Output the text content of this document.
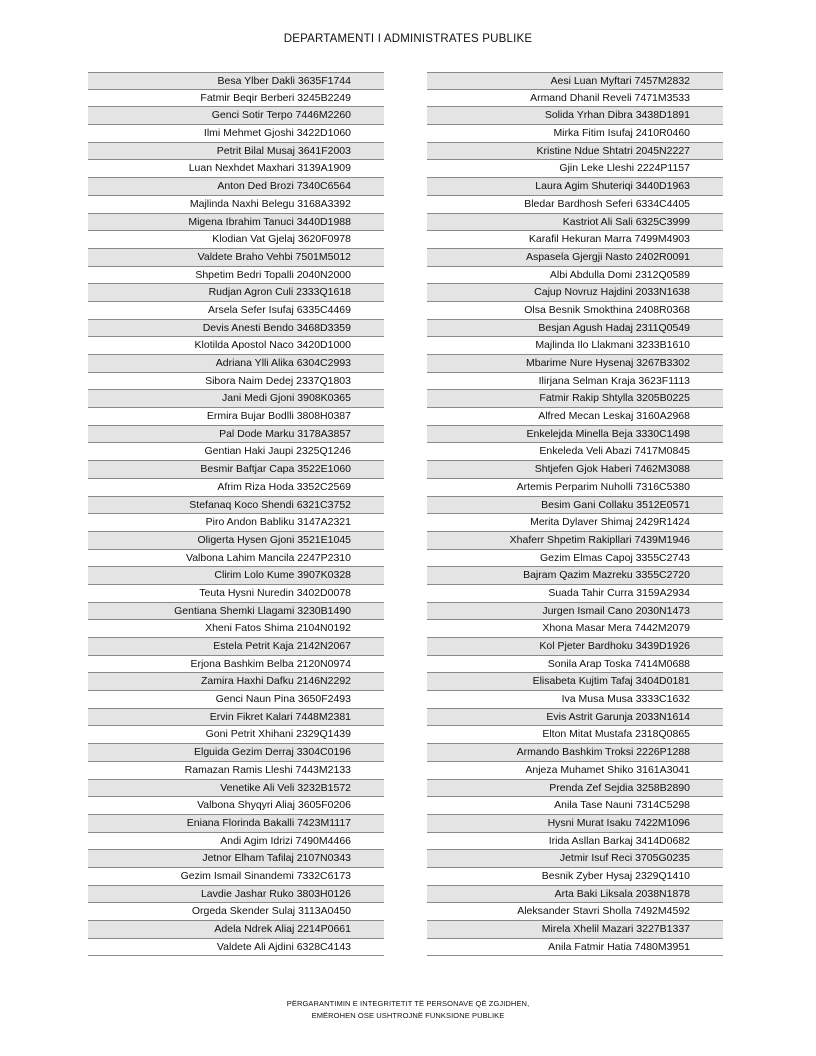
DEPARTAMENTI I ADMINISTRATES PUBLIKE
Besa Ylber Dakli 3635F1744
Fatmir Beqir Berberi 3245B2249
Genci Sotir Terpo 7446M2260
Ilmi Mehmet Gjoshi 3422D1060
Petrit Bilal Musaj 3641F2003
Luan Nexhdet Maxhari 3139A1909
Anton Ded Brozi 7340C6564
Majlinda Naxhi Belegu 3168A3392
Migena Ibrahim Tanuci 3440D1988
Klodian Vat Gjelaj 3620F0978
Valdete Braho Vehbi 7501M5012
Shpetim Bedri Topalli 2040N2000
Rudjan Agron Culi 2333Q1618
Arsela Sefer Isufaj 6335C4469
Devis Anesti Bendo 3468D3359
Klotilda Apostol Naco 3420D1000
Adriana Ylli Alika 6304C2993
Sibora Naim Dedej 2337Q1803
Jani Medi Gjoni 3908K0365
Ermira Bujar Bodlli 3808H0387
Pal Dode Marku 3178A3857
Gentian Haki Jaupi 2325Q1246
Besmir Baftjar Capa 3522E1060
Afrim Riza Hoda 3352C2569
Stefanaq Koco Shendi 6321C3752
Piro Andon Babliku 3147A2321
Oligerta Hysen Gjoni 3521E1045
Valbona Lahim Mancila 2247P2310
Clirim Lolo Kume 3907K0328
Teuta Hysni Nuredin 3402D0078
Gentiana Shemki Llagami 3230B1490
Xheni Fatos Shima 2104N0192
Estela Petrit Kaja 2142N2067
Erjona Bashkim Belba 2120N0974
Zamira Haxhi Dafku 2146N2292
Genci Naun Pina 3650F2493
Ervin Fikret Kalari 7448M2381
Goni Petrit Xhihani 2329Q1439
Elguida Gezim Derraj 3304C0196
Ramazan Ramis Lleshi 7443M2133
Venetike Ali Veli 3232B1572
Valbona Shyqyri Aliaj 3605F0206
Eniana Florinda Bakalli 7423M1117
Andi Agim Idrizi 7490M4466
Jetnor Elham Tafilaj 2107N0343
Gezim Ismail Sinandemi 7332C6173
Lavdie Jashar Ruko 3803H0126
Orgeda Skender Sulaj 3113A0450
Adela Ndrek Aliaj 2214P0661
Valdete Ali Ajdini 6328C4143
Aesi Luan Myftari 7457M2832
Armand Dhanil Reveli 7471M3533
Solida Yrhan Dibra 3438D1891
Mirka Fitim Isufaj 2410R0460
Kristine Ndue Shtatri 2045N2227
Gjin Leke Lleshi 2224P1157
Laura Agim Shuteriqi 3440D1963
Bledar Bardhosh Seferi 6334C4405
Kastriot Ali Sali 6325C3999
Karafil Hekuran Marra 7499M4903
Aspasela Gjergji Nasto 2402R0091
Albi Abdulla Domi 2312Q0589
Cajup Novruz Hajdini 2033N1638
Olsa Besnik Smokthina 2408R0368
Besjan Agush Hadaj 2311Q0549
Majlinda Ilo Llakmani 3233B1610
Mbarime Nure Hysenaj 3267B3302
Ilirjana Selman Kraja 3623F1113
Fatmir Rakip Shtylla 3205B0225
Alfred Mecan Leskaj 3160A2968
Enkelejda Minella Beja 3330C1498
Enkeleda Veli Abazi 7417M0845
Shtjefen Gjok Haberi 7462M3088
Artemis Perparim Nuholli 7316C5380
Besim Gani Collaku 3512E0571
Merita Dylaver Shimaj 2429R1424
Xhaferr Shpetim Rakipllari 7439M1946
Gezim Elmas Capoj 3355C2743
Bajram Qazim Mazreku 3355C2720
Suada Tahir Curra 3159A2934
Jurgen Ismail Cano 2030N1473
Xhona Masar Mera 7442M2079
Kol Pjeter Bardhoku 3439D1926
Sonila Arap Toska 7414M0688
Elisabeta Kujtim Tafaj 3404D0181
Iva Musa Musa 3333C1632
Evis Astrit Garunja 2033N1614
Elton Mitat Mustafa 2318Q0865
Armando Bashkim Troksi 2226P1288
Anjeza Muhamet Shiko 3161A3041
Prenda Zef Sejdia 3258B2890
Anila Tase Nauni 7314C5298
Hysni Murat Isaku 7422M1096
Irida Asllan Barkaj 3414D0682
Jetmir Isuf Reci 3705G0235
Besnik Zyber Hysaj 2329Q1410
Arta Baki Liksala 2038N1878
Aleksander Stavri Sholla 7492M4592
Mirela Xhelil Mazari 3227B1337
Anila Fatmir Hatia 7480M3951
PËRGARANTIMIN E INTEGRITETIT TË PERSONAVE QË ZGJIDHEN,
EMËROHEN OSE USHTROJNË FUNKSIONE PUBLIKE
